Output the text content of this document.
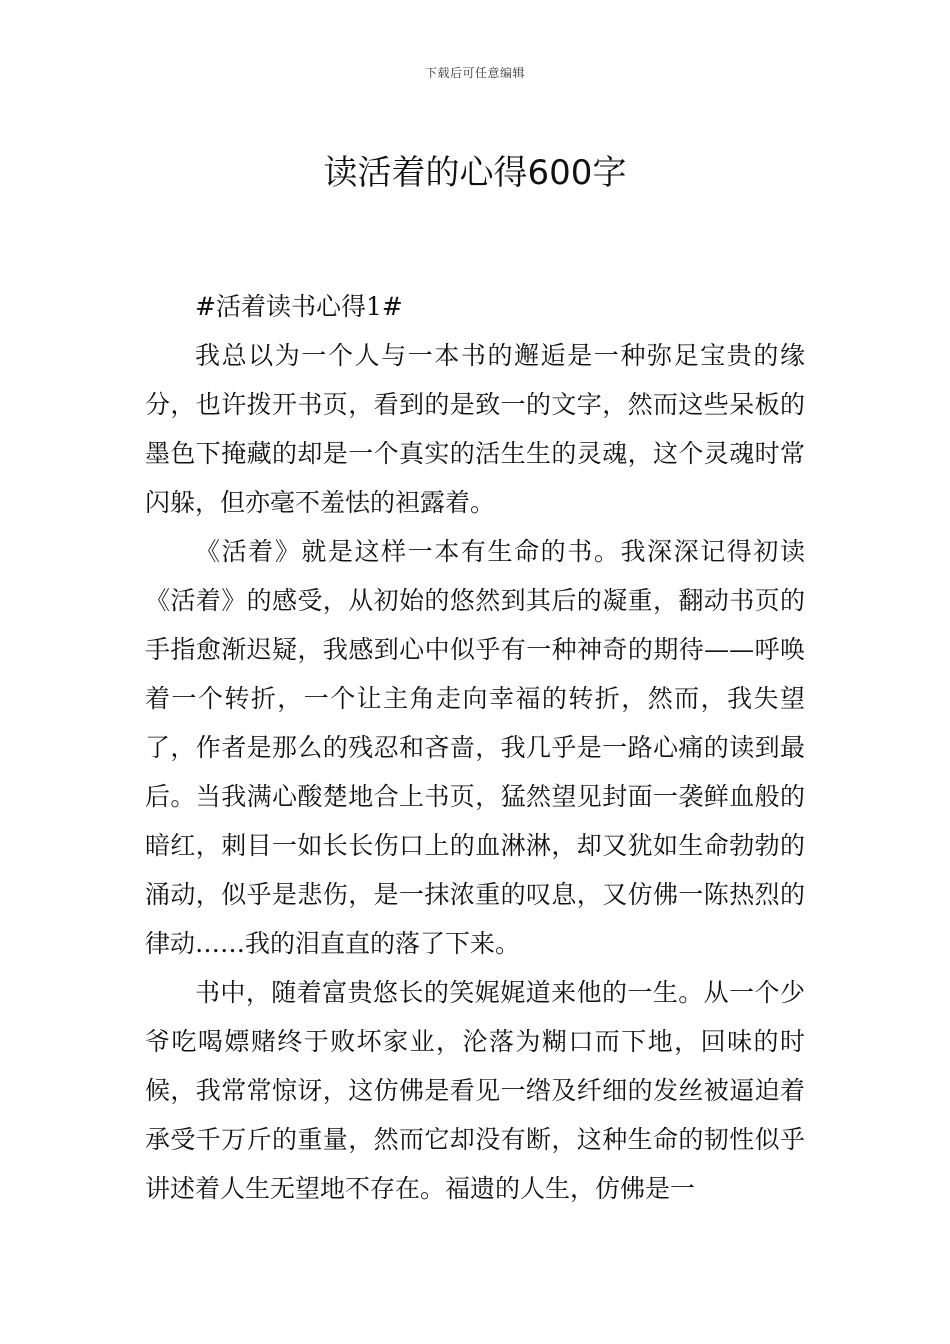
下载后可任意编辑
读活着的心得600字

#活着读书心得1#

我总以为一个人与一本书的邂逅是一种弥足宝贵的缘分，也许拨开书页，看到的是致一的文字，然而这些呆板的墨色下掩藏的却是一个真实的活生生的灵魂，这个灵魂时常闪躲，但亦毫不羞怯的袒露着。

《活着》就是这样一本有生命的书。我深深记得初读《活着》的感受，从初始的悠然到其后的凝重，翻动书页的手指愈渐迟疑，我感到心中似乎有一种神奇的期待——呼唤着一个转折，一个让主角走向幸福的转折，然而，我失望了，作者是那么的残忍和吝啬，我几乎是一路心痛的读到最后。当我满心酸楚地合上书页，猛然望见封面一袭鲜血般的暗红，刺目一如长长伤口上的血淋淋，却又犹如生命勃勃的涌动，似乎是悲伤，是一抹浓重的叹息，又仿佛一陈热烈的律动……我的泪直直的落了下来。

书中，随着富贵悠长的笑娓娓道来他的一生。从一个少爷吃喝嫖赌终于败坏家业，沦落为糊口而下地，回味的时候，我常常惊讶，这仿佛是看见一绺及纤细的发丝被逼迫着承受千万斤的重量，然而它却没有断，这种生命的韧性似乎讲述着人生无望地不存在。福遗的人生，仿佛是一
